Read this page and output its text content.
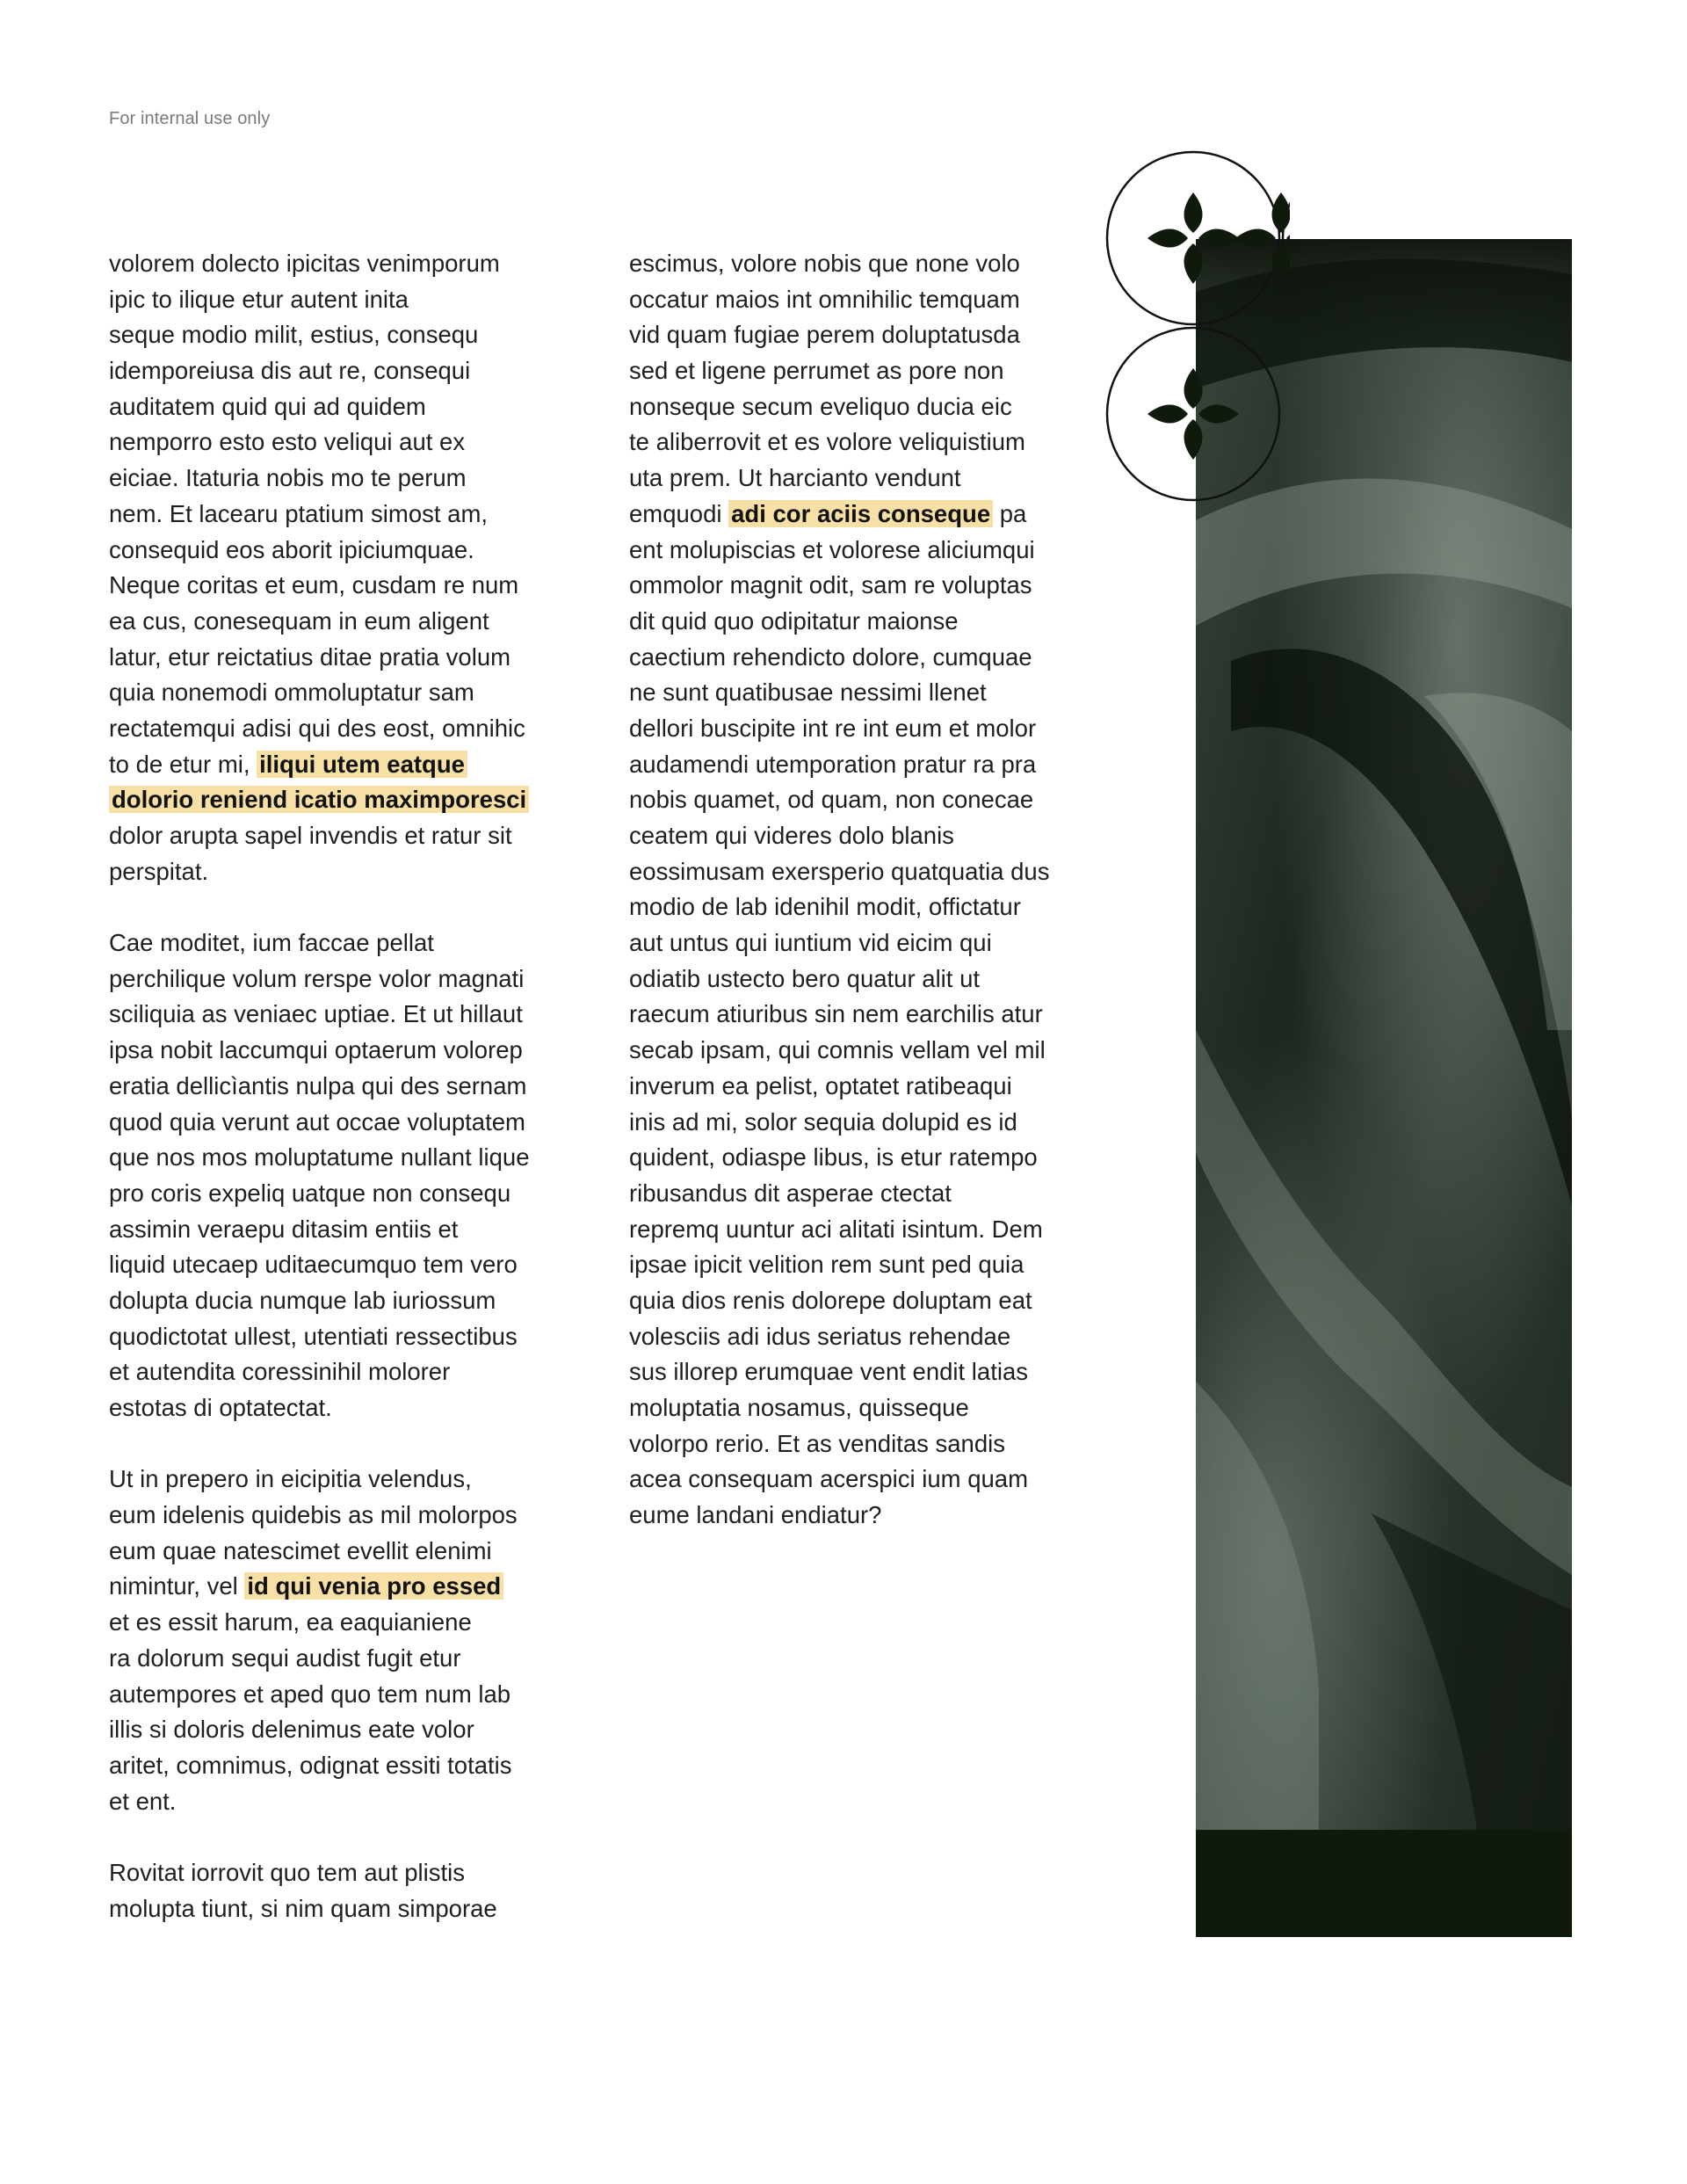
For internal use only
volorem dolecto ipicitas venimporum
ipic to ilique etur autent inita
seque modio milit, estius, consequ
idemporeiusa dis aut re, consequi
auditatem quid qui ad quidem
nemporro esto esto veliqui aut ex
eiciae. Itaturia nobis mo te perum
nem. Et lacearu ptatium simost am,
consequid eos aborit ipiciumquae.
Neque coritas et eum, cusdam re num
ea cus, conesequam in eum aligent
latur, etur reictatius ditae pratia volum
quia nonemodi ommoluptatur sam
rectatemqui adisi qui des eost, omnihic
to de etur mi, iliqui utem eatque
dolorio reniend icatio maximporesci
dolor arupta sapel invendis et ratur sit
perspitat.
Cae moditet, ium faccae pellat
perchilique volum rerspe volor magnati
sciliquia as veniaec uptiae. Et ut hillaut
ipsa nobit laccumqui optaerum volorep
eratia dellicìantis nulpa qui des sernam
quod quia verunt aut occae voluptatem
que nos mos moluptatume nullant lique
pro coris expeliq uatque non consequ
assimin veraepu ditasim entiis et
liquid utecaep uditaecumquo tem vero
dolupta ducia numque lab iuriossum
quodictotat ullest, utentiati ressectibus
et autendita coressinihil molorer
estotas di optatectat.
Ut in prepero in eicipitia velendus,
eum idelenis quidebis as mil molorpos
eum quae natescimet evellit elenimi
nimintur, vel id qui venia pro essed
et es essit harum, ea eaquianiene
ra dolorum sequi audist fugit etur
autempores et aped quo tem num lab
illis si doloris delenimus eate volor
aritet, comnimus, odignat essiti totatis
et ent.
Rovitat iorrovit quo tem aut plistis
molupta tiunt, si nim quam simporae
escimus, volore nobis que none volo
occatur maios int omnihilic temquam
vid quam fugiae perem doluptatusda
sed et ligene perrumet as pore non
nonseque secum eveliquo ducia eic
te aliberrovit et es volore veliquistium
uta prem. Ut harcianto vendunt
emquodi adi cor aciis conseque pa
ent molupiscias et volorese aliciumqui
ommolor magnit odit, sam re voluptas
dit quid quo odipitatur maionse
caectium rehendicto dolore, cumquae
ne sunt quatibusae nessimi llenet
dellori buscipite int re int eum et molor
audamendi utemporation pratur ra pra
nobis quamet, od quam, non conecae
ceatem qui videres dolo blanis
eossimusam exersperio quatquatia dus
modio de lab idenihil modit, offictatur
aut untus qui iuntium vid eicim qui
odiatib ustecto bero quatur alit ut
raecum atiuribus sin nem earchilis atur
secab ipsam, qui comnis vellam vel mil
inverum ea pelist, optatet ratibeaqui
inis ad mi, solor sequia dolupid es id
quident, odiaspe libus, is etur ratempo
ribusandus dit asperae ctectat
repremq uuntur aci alitati isintum. Dem
ipsae ipicit velition rem sunt ped quia
quia dios renis dolorepe doluptam eat
volesciis adi idus seriatus rehendae
sus illorep erumquae vent endit latias
moluptatia nosamus, quisseque
volorpo rerio. Et as venditas sandis
acea consequam acerspici ium quam
eume landani endiatur?
